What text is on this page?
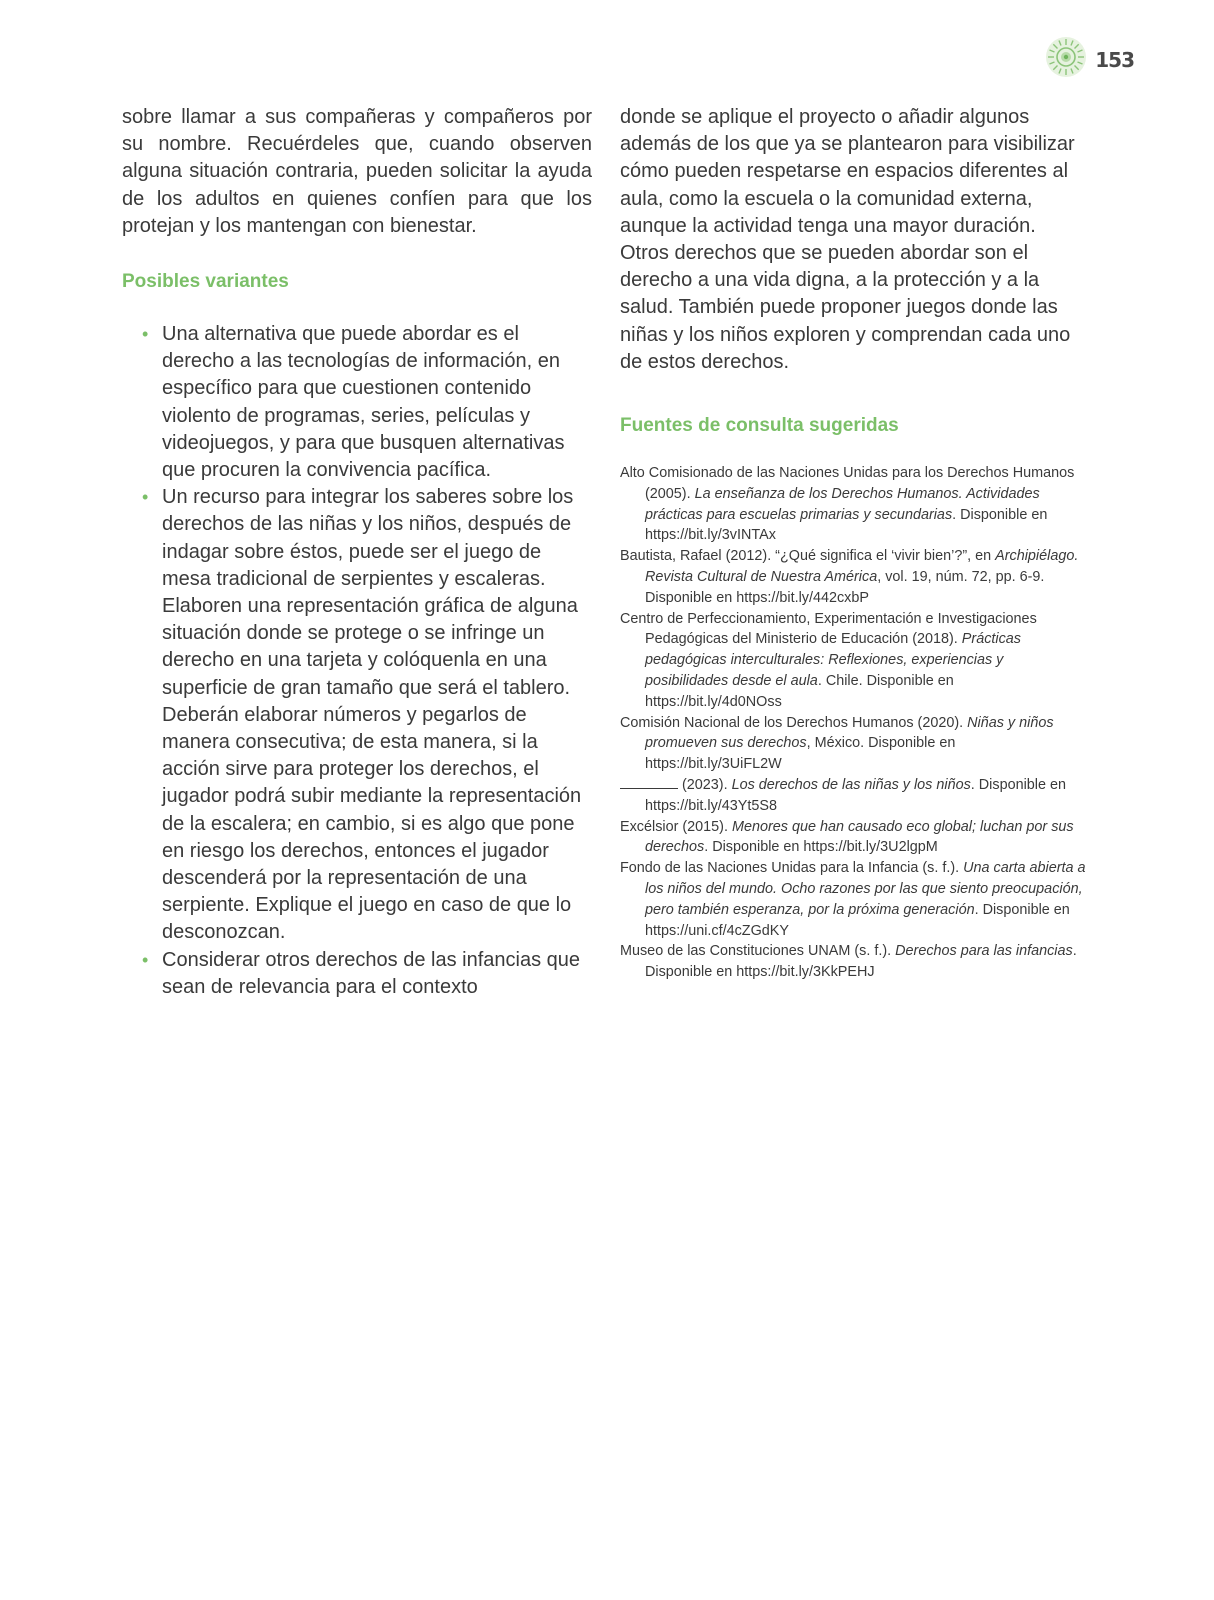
153

sobre llamar a sus compañeras y compañeros por su nombre. Recuérdeles que, cuando observen alguna situación contraria, pueden solicitar la ayuda de los adultos en quienes confíen para que los protejan y los mantengan con bienestar.

Posibles variantes
• Una alternativa que puede abordar es el derecho a las tecnologías de información, en específico para que cuestionen contenido violento de programas, series, películas y videojuegos, y para que busquen alternativas que procuren la convivencia pacífica.
• Un recurso para integrar los saberes sobre los derechos de las niñas y los niños, después de indagar sobre éstos, puede ser el juego de mesa tradicional de serpientes y escaleras. Elaboren una representación gráfica de alguna situación donde se protege o se infringe un derecho en una tarjeta y colóquenla en una superficie de gran tamaño que será el tablero. Deberán elaborar números y pegarlos de manera consecutiva; de esta manera, si la acción sirve para proteger los derechos, el jugador podrá subir mediante la representación de la escalera; en cambio, si es algo que pone en riesgo los derechos, entonces el jugador descenderá por la representación de una serpiente. Explique el juego en caso de que lo desconozcan.
• Considerar otros derechos de las infancias que sean de relevancia para el contexto

donde se aplique el proyecto o añadir algunos además de los que ya se plantearon para visibilizar cómo pueden respetarse en espacios diferentes al aula, como la escuela o la comunidad externa, aunque la actividad tenga una mayor duración. Otros derechos que se pueden abordar son el derecho a una vida digna, a la protección y a la salud. También puede proponer juegos donde las niñas y los niños exploren y comprendan cada uno de estos derechos.

Fuentes de consulta sugeridas

Alto Comisionado de las Naciones Unidas para los Derechos Humanos (2005). La enseñanza de los Derechos Humanos. Actividades prácticas para escuelas primarias y secundarias. Disponible en https://bit.ly/3vINTAx

Bautista, Rafael (2012). “¿Qué significa el ‘vivir bien’?”, en Archipiélago. Revista Cultural de Nuestra América, vol. 19, núm. 72, pp. 6-9. Disponible en https://bit.ly/442cxbP

Centro de Perfeccionamiento, Experimentación e Investigaciones Pedagógicas del Ministerio de Educación (2018). Prácticas pedagógicas interculturales: Reflexiones, experiencias y posibilidades desde el aula. Chile. Disponible en https://bit.ly/4d0NOss

Comisión Nacional de los Derechos Humanos (2020). Niñas y niños promueven sus derechos, México. Disponible en https://bit.ly/3UiFL2W

(2023). Los derechos de las niñas y los niños. Disponible en https://bit.ly/43Yt5S8

Excélsior (2015). Menores que han causado eco global; luchan por sus derechos. Disponible en https://bit.ly/3U2lgpM

Fondo de las Naciones Unidas para la Infancia (s. f.). Una carta abierta a los niños del mundo. Ocho razones por las que siento preocupación, pero también esperanza, por la próxima generación. Disponible en https://uni.cf/4cZGdKY

Museo de las Constituciones UNAM (s. f.). Derechos para las infancias. Disponible en https://bit.ly/3KkPEHJ
